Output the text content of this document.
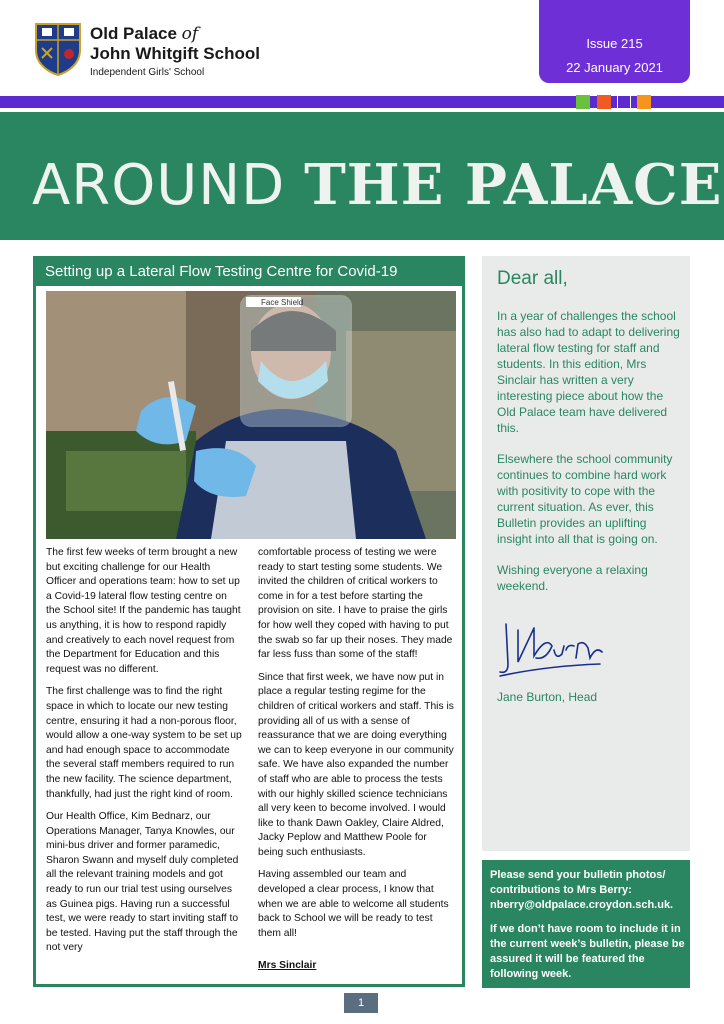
Old Palace of
John Whitgift School
Independent Girls' School
Issue 215
22 January 2021
AROUND THE PALACE
Setting up a Lateral Flow Testing Centre for Covid-19
Face Shield

The first few weeks of term brought a new but exciting challenge for our Health Officer and operations team: how to set up a Covid-19 lateral flow testing centre on the School site! If the pandemic has taught us anything, it is how to respond rapidly and creatively to each novel request from the Department for Education and this request was no different.

The first challenge was to find the right space in which to locate our new testing centre, ensuring it had a non-porous floor, would allow a one-way system to be set up and had enough space to accommodate the several staff members required to run the new facility. The science department, thankfully, had just the right kind of room.

Our Health Office, Kim Bednarz, our Operations Manager, Tanya Knowles, our mini-bus driver and former paramedic, Sharon Swann and myself duly completed all the relevant training models and got ready to run our trial test using ourselves as Guinea pigs. Having run a successful test, we were ready to start inviting staff to be tested. Having put the staff through the not very

comfortable process of testing we were ready to start testing some students. We invited the children of critical workers to come in for a test before starting the provision on site. I have to praise the girls for how well they coped with having to put the swab so far up their noses. They made far less fuss than some of the staff!

Since that first week, we have now put in place a regular testing regime for the children of critical workers and staff. This is providing all of us with a sense of reassurance that we are doing everything we can to keep everyone in our community safe. We have also expanded the number of staff who are able to process the tests with our highly skilled science technicians all very keen to become involved. I would like to thank Dawn Oakley, Claire Aldred, Jacky Peplow and Matthew Poole for being such enthusiasts.

Having assembled our team and developed a clear process, I know that when we are able to welcome all students back to School we will be ready to test them all!

Mrs Sinclair

Dear all,

In a year of challenges the school has also had to adapt to delivering lateral flow testing for staff and students. In this edition, Mrs Sinclair has written a very interesting piece about how the Old Palace team have delivered this.

Elsewhere the school community continues to combine hard work with positivity to cope with the current situation. As ever, this Bulletin provides an uplifting insight into all that is going on.

Wishing everyone a relaxing weekend.

Jane Burton, Head

Please send your bulletin photos/ contributions to Mrs Berry: nberry@oldpalace.croydon.sch.uk.

If we don’t have room to include it in the current week’s bulletin, please be assured it will be featured the following week.

1
